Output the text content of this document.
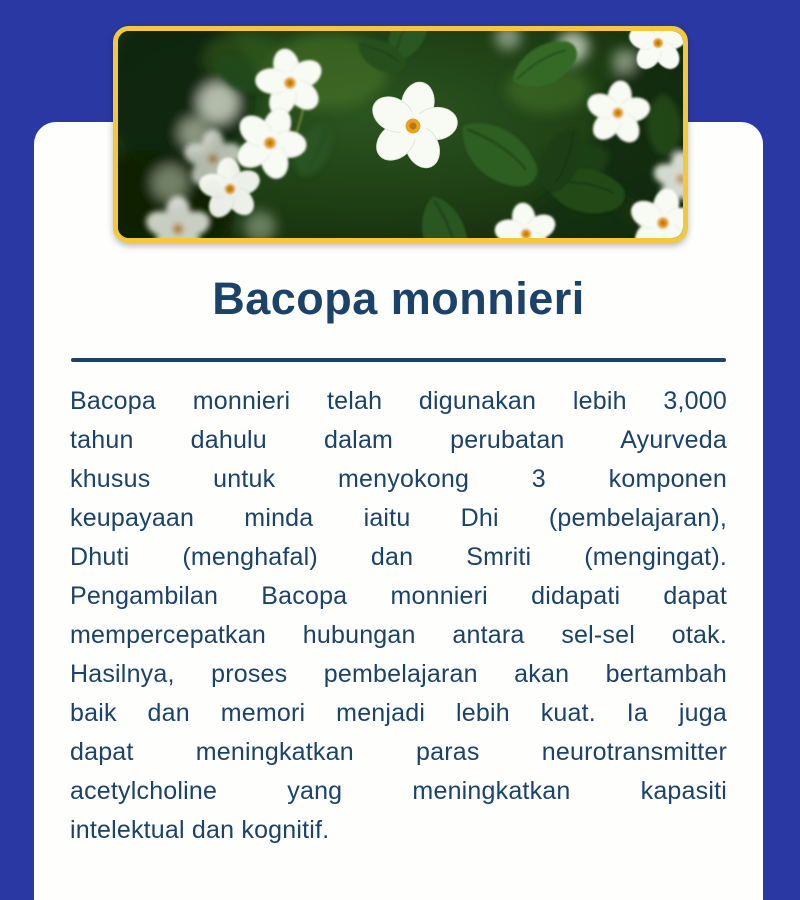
Bacopa monnieri
Bacopa monnieri telah digunakan lebih 3,000
tahun dahulu dalam perubatan Ayurveda
khusus untuk menyokong 3 komponen
keupayaan minda iaitu Dhi (pembelajaran),
Dhuti (menghafal) dan Smriti (mengingat).
Pengambilan Bacopa monnieri didapati dapat
mempercepatkan hubungan antara sel-sel otak.
Hasilnya, proses pembelajaran akan bertambah
baik dan memori menjadi lebih kuat. Ia juga
dapat meningkatkan paras neurotransmitter
acetylcholine yang meningkatkan kapasiti
intelektual dan kognitif.
